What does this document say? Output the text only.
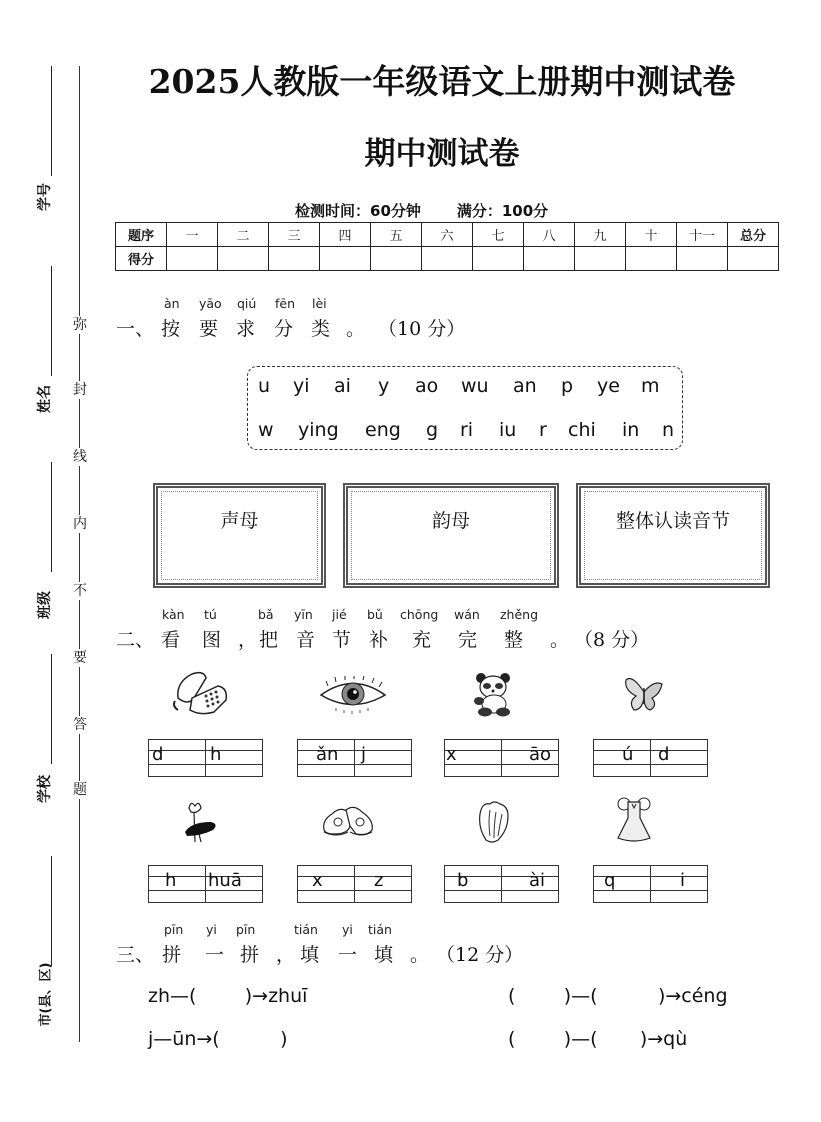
学号
姓名
班级
学校
市(县、区)
弥
封
线
内
不
要
答
题
2025人教版一年级语文上册期中测试卷
期中测试卷
检测时间：60分钟 满分：100分
题序	一	二	三	四	五	六	七	八	九	十	十一	总分
得分												
àn yāo qiú fēn lèi
一、 按 要 求 分 类 。 （10 分）
u yi ai y ao wu an p ye m
w ying eng g ri iu r chi in n
声母	韵母	整体认读音节
kàn tú	bǎ yīn jié bǔ chōng wán zhěng
二、 看 图 ， 把 音 节 补 充 完 整 。 （8 分）
d	h	ǎn j	x	āo	ú d
h huā	x	z	b	ài	q	i
pīn yi pīn	tián yi tián
三、 拼 一 拼 ， 填 一 填 。 （12 分）
zh—(        )→zhuī	(        )—(          )→céng
j—ūn→(          )	(        )—(       )→qù
